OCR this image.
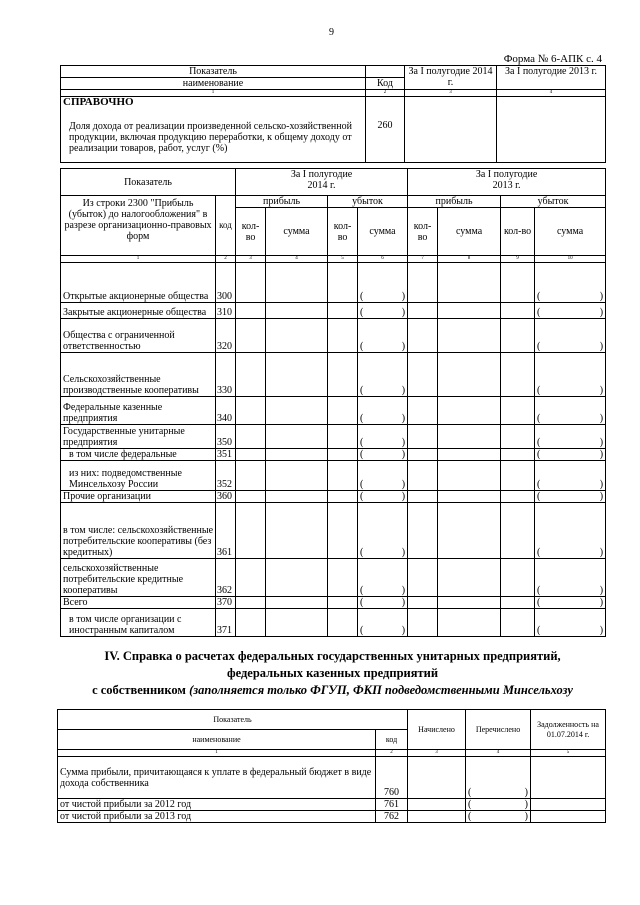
9
Форма № 6-АПК с. 4
Показатель		За I полугодие 2014 г.	За I полугодие 2013 г.
наименование	Код		
1	2	3	4

СПРАВОЧНО
Доля дохода от реализации произведенной сельско-хозяйственной продукции, включая продукцию переработки, к общему доходу от реализации товаров, работ, услуг (%)	260		
Показатель		За I полугодие 2014 г.				За I полугодие 2013 г.			
Из строки 2300 "Прибыль (убыток) до налогообложения" в разрезе организационно-правовых форм	код	прибыль		убыток		прибыль		убыток	
		кол-во	сумма	кол-во	сумма	кол-во	сумма	кол-во	сумма
1	2	3	4	5	6	7	8	9	10
Открытые акционерные общества	300				( )				( )

Закрытые акционерные общества	310				( )				( )

Общества с ограниченной ответственностью	320				( )				( )

Сельскохозяйственные производственные кооперативы	330				( )				( )

Федеральные казенные предприятия	340				( )				( )

Государственные унитарные предприятия	350				( )				( )

в том числе федеральные	351				( )				( )

из них: подведомственные Минсельхозу России	352				( )				( )

Прочие организации	360				( )				( )

в том числе: сельскохозяйственные потребительские кооперативы (без кредитных)	361				( )				( )

сельскохозяйственные потребительские кредитные кооперативы	362				( )				( )

Всего	370				( )				( )

в том числе организации с иностранным капиталом	371				( )				( )
IV. Справка о расчетах федеральных государственных унитарных предприятий,
федеральных казенных предприятий
с собственником (заполняется только ФГУП, ФКП подведомственными Минсельхозу
Показатель		Начислено	Перечислено	Задолженность на 01.07.2014 г.
наименование	код			
1	2	3	4	5
Сумма прибыли, причитающаяся к уплате в федеральный бюджет в виде дохода собственника	760		( )	

от чистой прибыли за 2012 год	761		( )	

от чистой прибыли за 2013 год	762		( )	
